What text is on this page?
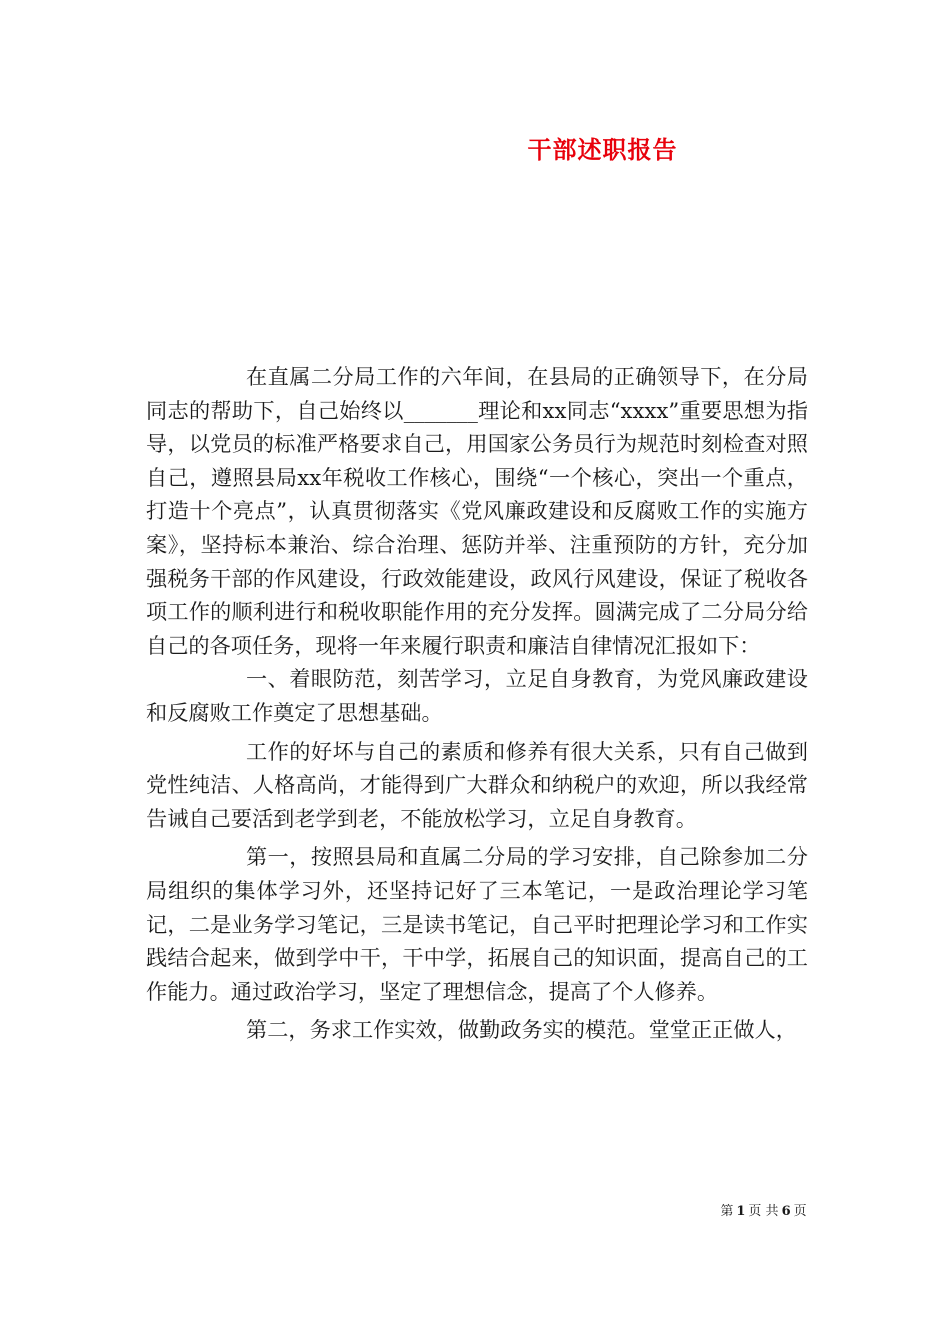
干部述职报告

在直属二分局工作的六年间，在县局的正确领导下，在分局同志的帮助下，自己始终以_______理论和xx同志“xxxx”重要思想为指导，以党员的标准严格要求自己，用国家公务员行为规范时刻检查对照自己，遵照县局xx年税收工作核心，围绕“一个核心，突出一个重点，打造十个亮点”，认真贯彻落实《党风廉政建设和反腐败工作的实施方案》，坚持标本兼治、综合治理、惩防并举、注重预防的方针，充分加强税务干部的作风建设，行政效能建设，政风行风建设，保证了税收各项工作的顺利进行和税收职能作用的充分发挥。圆满完成了二分局分给自己的各项任务，现将一年来履行职责和廉洁自律情况汇报如下：

一、着眼防范，刻苦学习，立足自身教育，为党风廉政建设和反腐败工作奠定了思想基础。

工作的好坏与自己的素质和修养有很大关系，只有自己做到党性纯洁、人格高尚，才能得到广大群众和纳税户的欢迎，所以我经常告诫自己要活到老学到老，不能放松学习，立足自身教育。

第一，按照县局和直属二分局的学习安排，自己除参加二分局组织的集体学习外，还坚持记好了三本笔记，一是政治理论学习笔记，二是业务学习笔记，三是读书笔记，自己平时把理论学习和工作实践结合起来，做到学中干，干中学，拓展自己的知识面，提高自己的工作能力。通过政治学习，坚定了理想信念，提高了个人修养。

第二，务求工作实效，做勤政务实的模范。堂堂正正做人，

第 1 页 共 6 页
